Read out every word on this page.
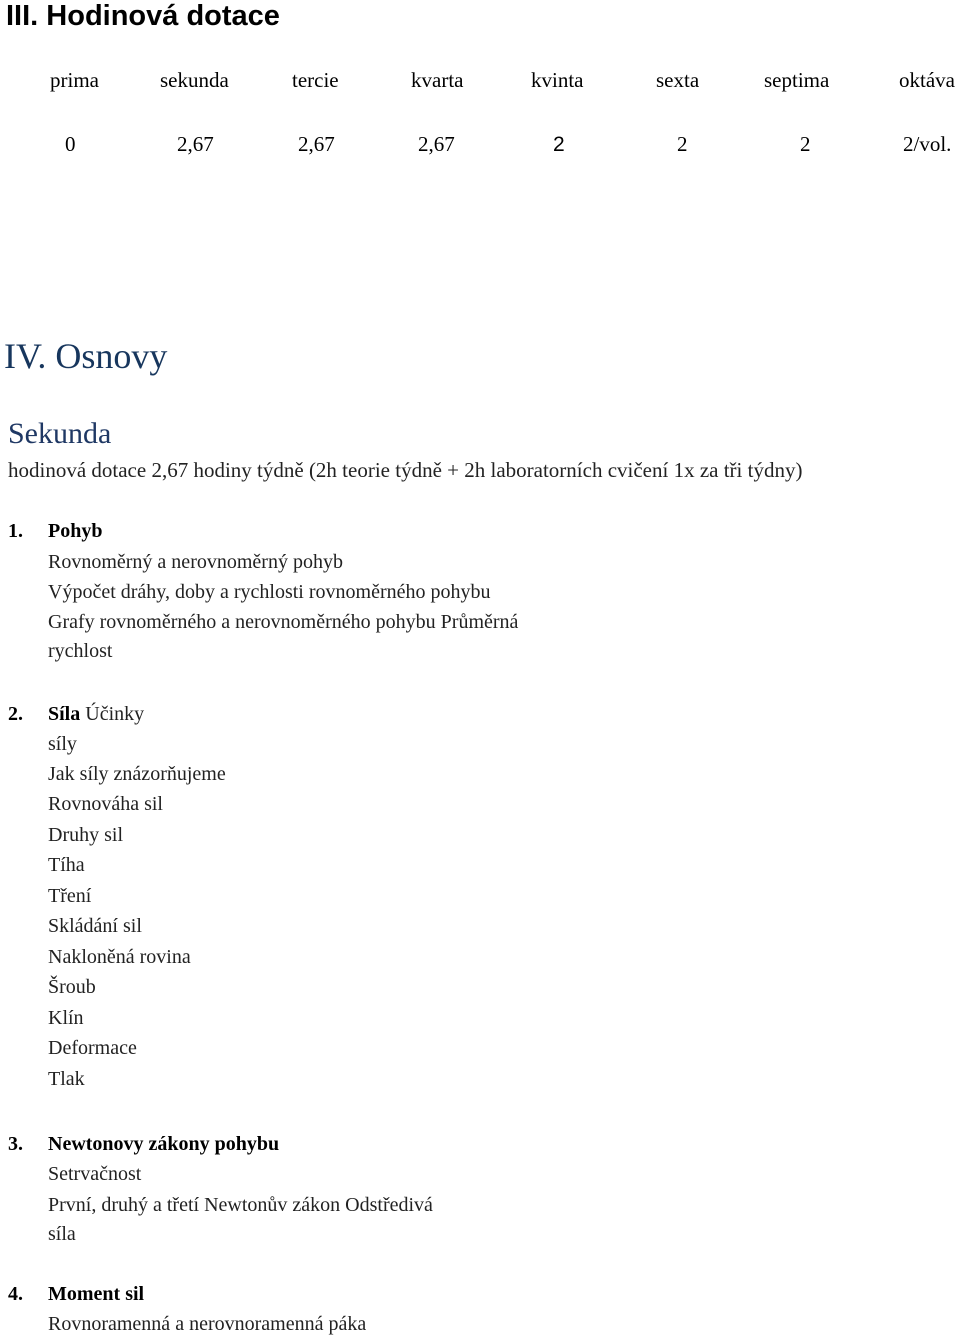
III. Hodinová dotace
prima	sekunda	tercie	kvarta	kvinta	sexta	septima	oktáva
0	2,67	2,67	2,67	2	2	2	2/vol.
IV. Osnovy
Sekunda
hodinová dotace 2,67 hodiny týdně (2h teorie týdně + 2h laboratorních cvičení 1x za tři týdny)
1. Pohyb
Rovnoměrný a nerovnoměrný pohyb
Výpočet dráhy, doby a rychlosti rovnoměrného pohybu
Grafy rovnoměrného a nerovnoměrného pohybu Průměrná
rychlost
2. Síla Účinky
síly
Jak síly znázorňujeme
Rovnováha sil
Druhy sil
Tíha
Tření
Skládání sil
Nakloněná rovina
Šroub
Klín
Deformace
Tlak
3. Newtonovy zákony pohybu
Setrvačnost
První, druhý a třetí Newtonův zákon Odstředivá
síla
4. Moment sil
Rovnoramenná a nerovnoramenná páka
